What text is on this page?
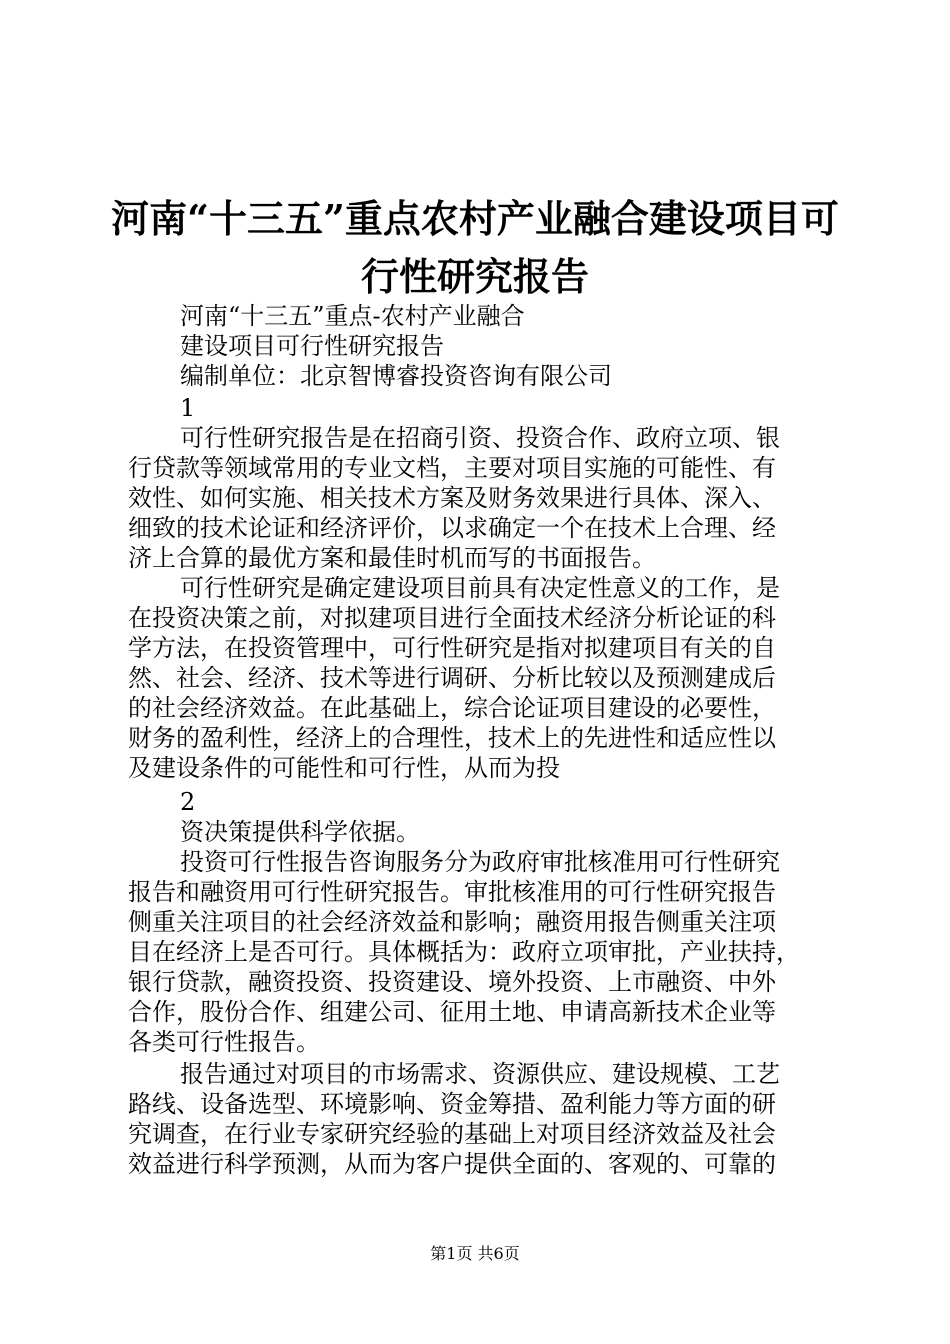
河南“十三五”重点农村产业融合建设项目可
行性研究报告
河南“十三五”重点-农村产业融合
建设项目可行性研究报告
编制单位：北京智博睿投资咨询有限公司
1
可行性研究报告是在招商引资、投资合作、政府立项、银
行贷款等领域常用的专业文档，主要对项目实施的可能性、有
效性、如何实施、相关技术方案及财务效果进行具体、深入、
细致的技术论证和经济评价，以求确定一个在技术上合理、经
济上合算的最优方案和最佳时机而写的书面报告。
可行性研究是确定建设项目前具有决定性意义的工作，是
在投资决策之前，对拟建项目进行全面技术经济分析论证的科
学方法，在投资管理中，可行性研究是指对拟建项目有关的自
然、社会、经济、技术等进行调研、分析比较以及预测建成后
的社会经济效益。在此基础上，综合论证项目建设的必要性，
财务的盈利性，经济上的合理性，技术上的先进性和适应性以
及建设条件的可能性和可行性，从而为投
2
资决策提供科学依据。
投资可行性报告咨询服务分为政府审批核准用可行性研究
报告和融资用可行性研究报告。审批核准用的可行性研究报告
侧重关注项目的社会经济效益和影响；融资用报告侧重关注项
目在经济上是否可行。具体概括为：政府立项审批，产业扶持，
银行贷款，融资投资、投资建设、境外投资、上市融资、中外
合作，股份合作、组建公司、征用土地、申请高新技术企业等
各类可行性报告。
报告通过对项目的市场需求、资源供应、建设规模、工艺
路线、设备选型、环境影响、资金筹措、盈利能力等方面的研
究调查，在行业专家研究经验的基础上对项目经济效益及社会
效益进行科学预测，从而为客户提供全面的、客观的、可靠的
第1页 共6页
